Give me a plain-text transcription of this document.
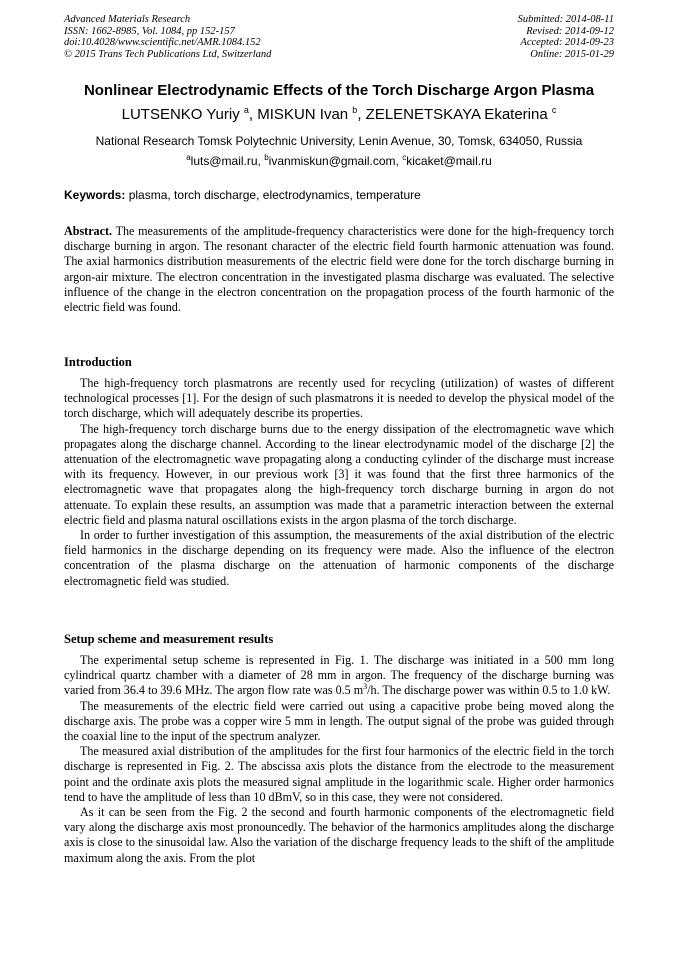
Advanced Materials Research
ISSN: 1662-8985, Vol. 1084, pp 152-157
doi:10.4028/www.scientific.net/AMR.1084.152
© 2015 Trans Tech Publications Ltd, Switzerland
Submitted: 2014-08-11
Revised: 2014-09-12
Accepted: 2014-09-23
Online: 2015-01-29
Nonlinear Electrodynamic Effects of the Torch Discharge Argon Plasma
LUTSENKO Yuriy $^a$, MISKUN Ivan $^b$, ZELENETSKAYA Ekaterina $^c$
National Research Tomsk Polytechnic University, Lenin Avenue, 30, Tomsk, 634050, Russia
$^a$luts@mail.ru, $^b$ivanmiskun@gmail.com, $^c$kicaket@mail.ru
Keywords: plasma, torch discharge, electrodynamics, temperature

Abstract. The measurements of the amplitude-frequency characteristics were done for the high-frequency torch discharge burning in argon. The resonant character of the electric field fourth harmonic attenuation was found. The axial harmonics distribution measurements of the electric field were done for the torch discharge burning in argon-air mixture. The electron concentration in the investigated plasma discharge was evaluated. The selective influence of the change in the electron concentration on the propagation process of the fourth harmonic of the electric field was found.

Introduction

The high-frequency torch plasmatrons are recently used for recycling (utilization) of wastes of different technological processes [1]. For the design of such plasmatrons it is needed to develop the physical model of the torch discharge, which will adequately describe its properties.

The high-frequency torch discharge burns due to the energy dissipation of the electromagnetic wave which propagates along the discharge channel. According to the linear electrodynamic model of the discharge [2] the attenuation of the electromagnetic wave propagating along a conducting cylinder of the discharge must increase with its frequency. However, in our previous work [3] it was found that the first three harmonics of the electromagnetic wave that propagates along the high-frequency torch discharge burning in argon do not attenuate. To explain these results, an assumption was made that a parametric interaction between the external electric field and plasma natural oscillations exists in the argon plasma of the torch discharge.

In order to further investigation of this assumption, the measurements of the axial distribution of the electric field harmonics in the discharge depending on its frequency were made. Also the influence of the electron concentration of the plasma discharge on the attenuation of harmonic components of the discharge electromagnetic field was studied.

Setup scheme and measurement results

The experimental setup scheme is represented in Fig. 1. The discharge was initiated in a 500 mm long cylindrical quartz chamber with a diameter of 28 mm in argon. The frequency of the discharge burning was varied from 36.4 to 39.6 MHz. The argon flow rate was 0.5 $m^3/h$. The discharge power was within 0.5 to 1.0 kW.

The measurements of the electric field were carried out using a capacitive probe being moved along the discharge axis. The probe was a copper wire 5 mm in length. The output signal of the probe was guided through the coaxial line to the input of the spectrum analyzer.

The measured axial distribution of the amplitudes for the first four harmonics of the electric field in the torch discharge is represented in Fig. 2. The abscissa axis plots the distance from the electrode to the measurement point and the ordinate axis plots the measured signal amplitude in the logarithmic scale. Higher order harmonics tend to have the amplitude of less than 10 dBmV, so in this case, they were not considered.

As it can be seen from the Fig. 2 the second and fourth harmonic components of the electromagnetic field vary along the discharge axis most pronouncedly. The behavior of the harmonics amplitudes along the discharge axis is close to the sinusoidal law. Also the variation of the discharge frequency leads to the shift of the amplitude maximum along the axis. From the plot
